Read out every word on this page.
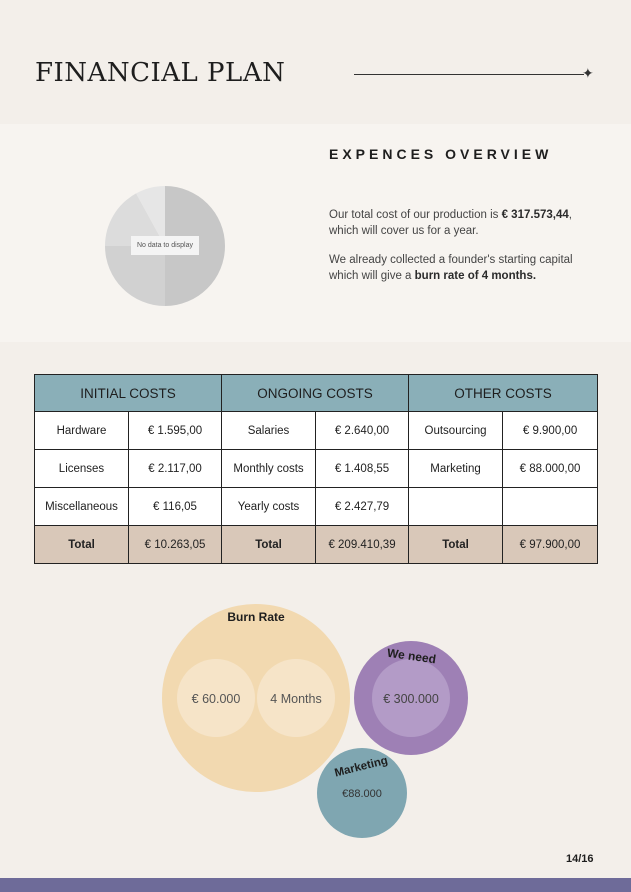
FINANCIAL PLAN	✦
EXPENCES OVERVIEW
Our total cost of our production is € 317.573,44, which will cover us for a year.
We already collected a founder's starting capital which will give a burn rate of 4 months.
No data to display
INITIAL COSTS		ONGOING COSTS		OTHER COSTS	
Hardware	€ 1.595,00	Salaries	€ 2.640,00	Outsourcing	€ 9.900,00
Licenses	€ 2.117,00	Monthly costs	€ 1.408,55	Marketing	€ 88.000,00
Miscellaneous	€ 116,05	Yearly costs	€ 2.427,79		
Total	€ 10.263,05	Total	€ 209.410,39	Total	€ 97.900,00
Burn Rate
€ 60.000 4 Months
We need
€ 300.000
Marketing
€88.000
14/16
